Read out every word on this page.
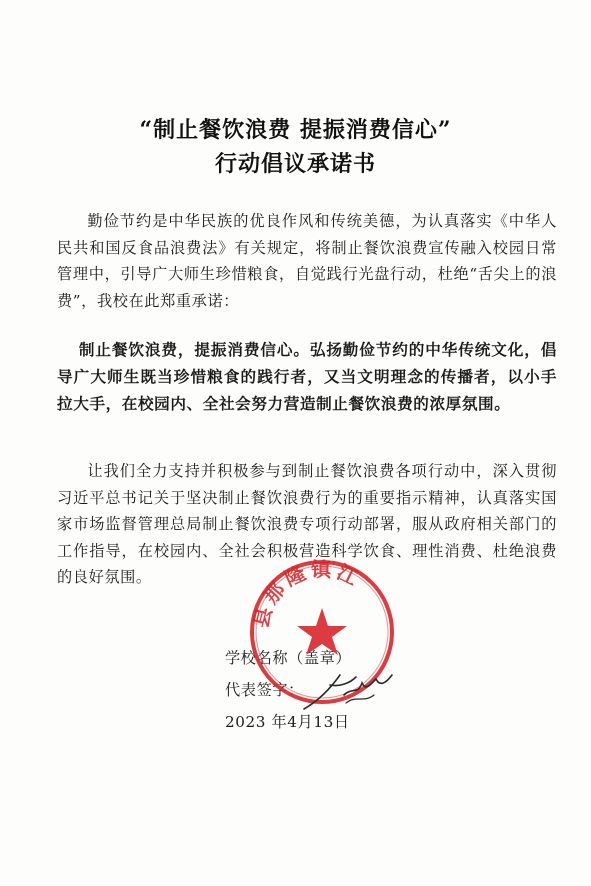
“制止餐饮浪费 提振消费信心”
行动倡议承诺书
勤俭节约是中华民族的优良作风和传统美德，为认真落实《中华人民共和国反食品浪费法》有关规定，将制止餐饮浪费宣传融入校园日常管理中，引导广大师生珍惜粮食，自觉践行光盘行动，杜绝“舌尖上的浪费”，我校在此郑重承诺：
制止餐饮浪费，提振消费信心。弘扬勤俭节约的中华传统文化，倡导广大师生既当珍惜粮食的践行者，又当文明理念的传播者，以小手拉大手，在校园内、全社会努力营造制止餐饮浪费的浓厚氛围。
让我们全力支持并积极参与到制止餐饮浪费各项行动中，深入贯彻习近平总书记关于坚决制止餐饮浪费行为的重要指示精神，认真落实国家市场监督管理总局制止餐饮浪费专项行动部署，服从政府相关部门的工作指导，在校园内、全社会积极营造科学饮食、理性消费、杜绝浪费的良好氛围。
学校名称（盖章）
代表签字：
2023 年4月13日
县那隆镇江
